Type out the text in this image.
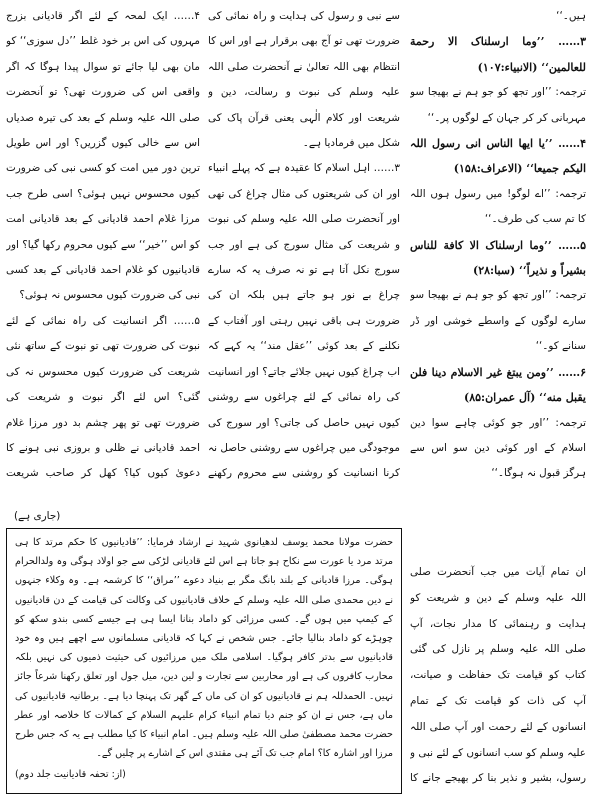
ہیں۔‘‘

۳…… ’’وما ارسلناک الا رحمة للعالمین‘‘ (الانبیاء:۱۰۷)

ترجمہ: ’’اور تجھ کو جو ہم نے بھیجا سو مہربانی کر کر جہان کے لوگوں پر۔‘‘

۴…… ’’یا ایھا الناس انی رسول اللہ الیکم جمیعا‘‘ (الاعراف:۱۵۸)

ترجمہ: ’’اے لوگو! میں رسول ہوں اللہ کا تم سب کی طرف۔‘‘

۵…… ’’وما ارسلناک الا کافة للناس بشیراً و نذیراً‘‘ (سبا:۲۸)

ترجمہ: ’’اور تجھ کو جو ہم نے بھیجا سو سارے لوگوں کے واسطے خوشی اور ڈر سنانے کو۔‘‘

۶…… ’’ومن یبتغ غیر الاسلام دینا فلن یقبل منه‘‘ (آل عمران:۸۵)

ترجمہ: ’’اور جو کوئی چاہے سوا دین اسلام کے اور کوئی دین سو اس سے ہرگز قبول نہ ہوگا۔‘‘

سے نبی و رسول کی ہدایت و راہ نمائی کی ضرورت تھی تو آج بھی برقرار ہے اور اس کا انتظام بھی اللہ تعالیٰ نے آنحضرت صلی اللہ علیہ وسلم کی نبوت و رسالت، دین و شریعت اور کلام الٰہی یعنی قرآن پاک کی شکل میں فرمادیا ہے۔

۳…… اہل اسلام کا عقیدہ ہے کہ پہلے انبیاء اور ان کی شریعتوں کی مثال چراغ کی تھی اور آنحضرت صلی اللہ علیہ وسلم کی نبوت و شریعت کی مثال سورج کی ہے اور جب سورج نکل آتا ہے تو نہ صرف یہ کہ سارے چراغ بے نور ہو جاتے ہیں بلکہ ان کی ضرورت ہی باقی نہیں رہتی اور آفتاب کے نکلنے کے بعد کوئی ’’عقل مند‘‘ یہ کہے کہ اب چراغ کیوں نہیں جلائے جاتے؟ اور انسانیت کی راہ نمائی کے لئے چراغوں سے روشنی کیوں نہیں حاصل کی جاتی؟ اور سورج کی موجودگی میں چراغوں سے روشنی حاصل نہ کرنا انسانیت کو روشنی سے محروم رکھنے

۴…… ایک لمحہ کے لئے اگر قادیانی بزرج مہروں کی اس بر خود غلط ’’دل سوزی‘‘ کو مان بھی لیا جائے تو سوال پیدا ہوگا کہ اگر واقعی اس کی ضرورت تھی؟ تو آنحضرت صلی اللہ علیہ وسلم کے بعد کی تیرہ صدیاں اس سے خالی کیوں گزریں؟ اور اس طویل ترین دور میں امت کو کسی نبی کی ضرورت کیوں محسوس نہیں ہوئی؟ اسی طرح جب مرزا غلام احمد قادیانی کے بعد قادیانی امت کو اس ’’خیر‘‘ سے کیوں محروم رکھا گیا؟ اور قادیانیوں کو غلام احمد قادیانی کے بعد کسی نبی کی ضرورت کیوں محسوس نہ ہوئی؟

۵…… اگر انسانیت کی راہ نمائی کے لئے نبوت کی ضرورت تھی تو نبوت کے ساتھ نئی شریعت کی ضرورت کیوں محسوس نہ کی گئی؟ اس لئے اگر نبوت و شریعت کی ضرورت تھی تو پھر چشم بد دور مرزا غلام احمد قادیانی نے ظلی و بروزی نبی ہونے کا دعویٰ کیوں کیا؟ کھل کر صاحب شریعت

(جاری ہے)

ان تمام آیات میں جب آنحضرت صلی اللہ علیہ وسلم کے دین و شریعت کو ہدایت و رہنمائی کا مدار نجات، آپ صلی اللہ علیہ وسلم پر نازل کی گئی کتاب کو قیامت تک حفاظت و صیانت، آپ کی ذات کو قیامت تک کے تمام انسانوں کے لئے رحمت اور آپ صلی اللہ علیہ وسلم کو سب انسانوں کے لئے نبی و رسول، بشیر و نذیر بنا کر بھیجے جانے کا

حضرت مولانا محمد یوسف لدھیانوی شہید نے ارشاد فرمایا: ’’قادیانیوں کا حکم مرتد کا ہی مرتد مرد یا عورت سے نکاح ہو جاتا ہے اس لئے قادیانی لڑکی سے جو اولاد ہوگی وہ ولدالحرام ہوگی۔ مرزا قادیانی کے بلند بانگ مگر بے بنیاد دعوے ’’مراق‘‘ کا کرشمہ ہے۔ وہ وکلاء جنہوں نے دین محمدی صلی اللہ علیہ وسلم کے خلاف قادیانیوں کی وکالت کی قیامت کے دن قادیانیوں کے کیمپ میں ہوں گے۔ کسی مرزائی کو داماد بنانا ایسا ہی ہے جیسے کسی بندو سکھ کو چوہڑے کو داماد بنالیا جائے۔ جس شخص نے کہا کہ قادیانی مسلمانوں سے اچھے ہیں وہ خود قادیانیوں سے بدتر کافر ہوگیا۔ اسلامی ملک میں مرزائیوں کی حیثیت ذمیوں کی نہیں بلکہ محارب کافروں کی ہے اور محاربین سے تجارت و لین دین، میل جول اور تعلق رکھنا شرعاً جائز نہیں۔ الحمدللہ ہم نے قادیانیوں کو ان کی ماں کے گھر تک پہنچا دیا ہے۔ برطانیہ قادیانیوں کی ماں ہے، جس نے ان کو جنم دیا تمام انبیاء کرام علیہم السلام کے کمالات کا خلاصہ اور عطر حضرت محمد مصطفیٰ صلی اللہ علیہ وسلم ہیں۔ امام انبیاء کا کیا مطلب ہے یہ کہ جس طرح مرزا اور اشارہ کا؟ امام جب تک آئے ہی مقتدی اس کے اشارے پر چلیں گے۔

(از: تحفہ قادیانیت جلد دوم)
